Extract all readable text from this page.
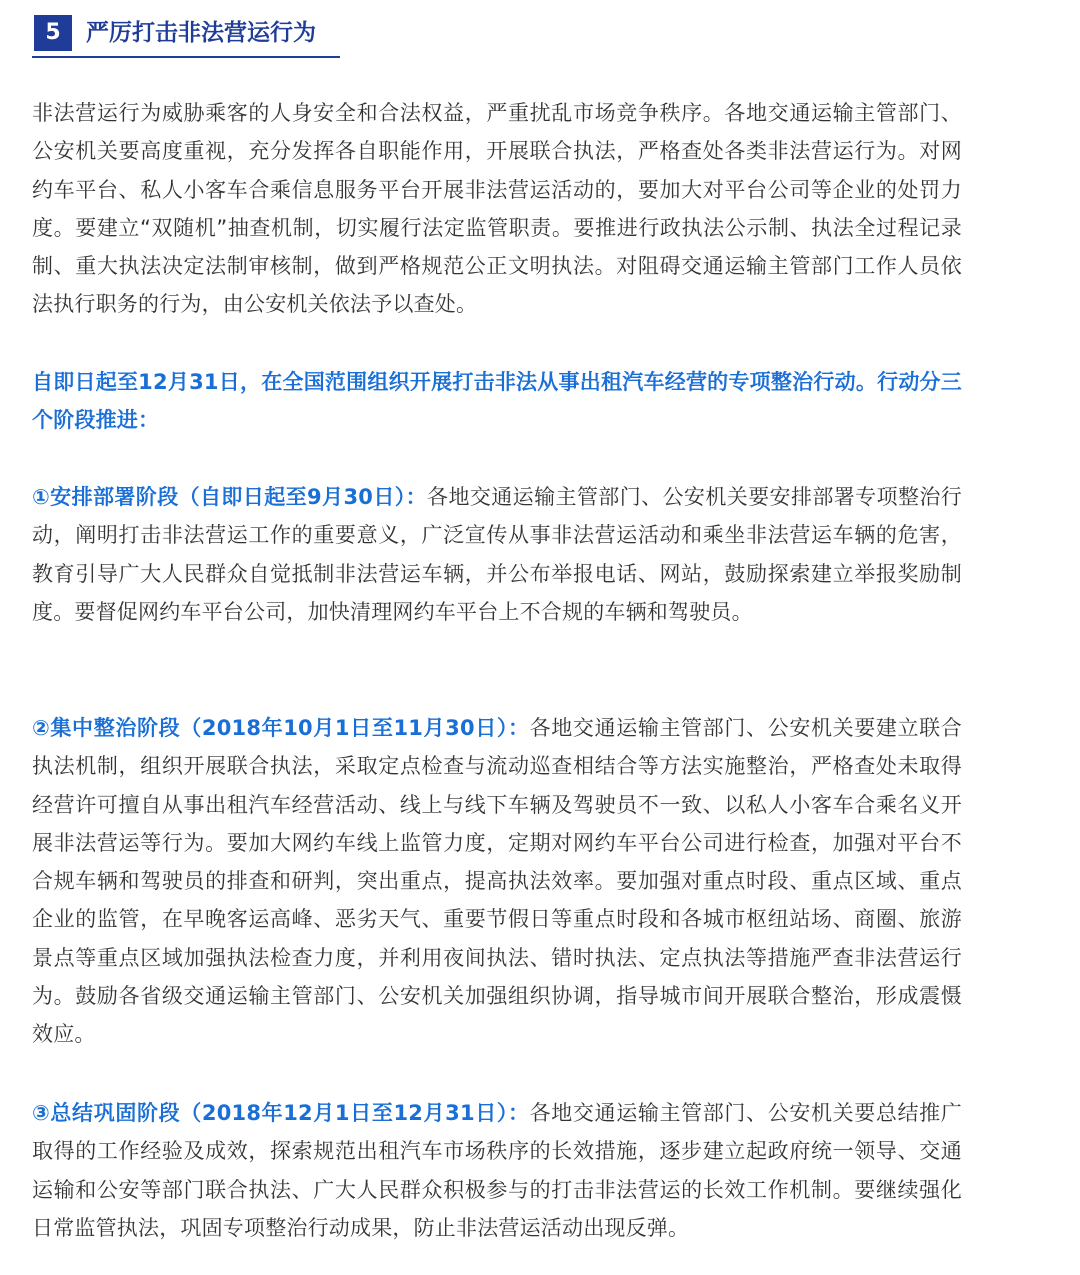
5	严厉打击非法营运行为

非法营运行为威胁乘客的人身安全和合法权益，严重扰乱市场竞争秩序。各地交通运输主管部门、公安机关要高度重视，充分发挥各自职能作用，开展联合执法，严格查处各类非法营运行为。对网约车平台、私人小客车合乘信息服务平台开展非法营运活动的，要加大对平台公司等企业的处罚力度。要建立“双随机”抽查机制，切实履行法定监管职责。要推进行政执法公示制、执法全过程记录制、重大执法决定法制审核制，做到严格规范公正文明执法。对阻碍交通运输主管部门工作人员依法执行职务的行为，由公安机关依法予以查处。

自即日起至12月31日，在全国范围组织开展打击非法从事出租汽车经营的专项整治行动。行动分三个阶段推进：

①安排部署阶段（自即日起至9月30日）：各地交通运输主管部门、公安机关要安排部署专项整治行动，阐明打击非法营运工作的重要意义，广泛宣传从事非法营运活动和乘坐非法营运车辆的危害，教育引导广大人民群众自觉抵制非法营运车辆，并公布举报电话、网站，鼓励探索建立举报奖励制度。要督促网约车平台公司，加快清理网约车平台上不合规的车辆和驾驶员。

②集中整治阶段（2018年10月1日至11月30日）：各地交通运输主管部门、公安机关要建立联合执法机制，组织开展联合执法，采取定点检查与流动巡查相结合等方法实施整治，严格查处未取得经营许可擅自从事出租汽车经营活动、线上与线下车辆及驾驶员不一致、以私人小客车合乘名义开展非法营运等行为。要加大网约车线上监管力度，定期对网约车平台公司进行检查，加强对平台不合规车辆和驾驶员的排查和研判，突出重点，提高执法效率。要加强对重点时段、重点区域、重点企业的监管，在早晚客运高峰、恶劣天气、重要节假日等重点时段和各城市枢纽站场、商圈、旅游景点等重点区域加强执法检查力度，并利用夜间执法、错时执法、定点执法等措施严查非法营运行为。鼓励各省级交通运输主管部门、公安机关加强组织协调，指导城市间开展联合整治，形成震慑效应。

③总结巩固阶段（2018年12月1日至12月31日）：各地交通运输主管部门、公安机关要总结推广取得的工作经验及成效，探索规范出租汽车市场秩序的长效措施，逐步建立起政府统一领导、交通运输和公安等部门联合执法、广大人民群众积极参与的打击非法营运的长效工作机制。要继续强化日常监管执法，巩固专项整治行动成果，防止非法营运活动出现反弹。
